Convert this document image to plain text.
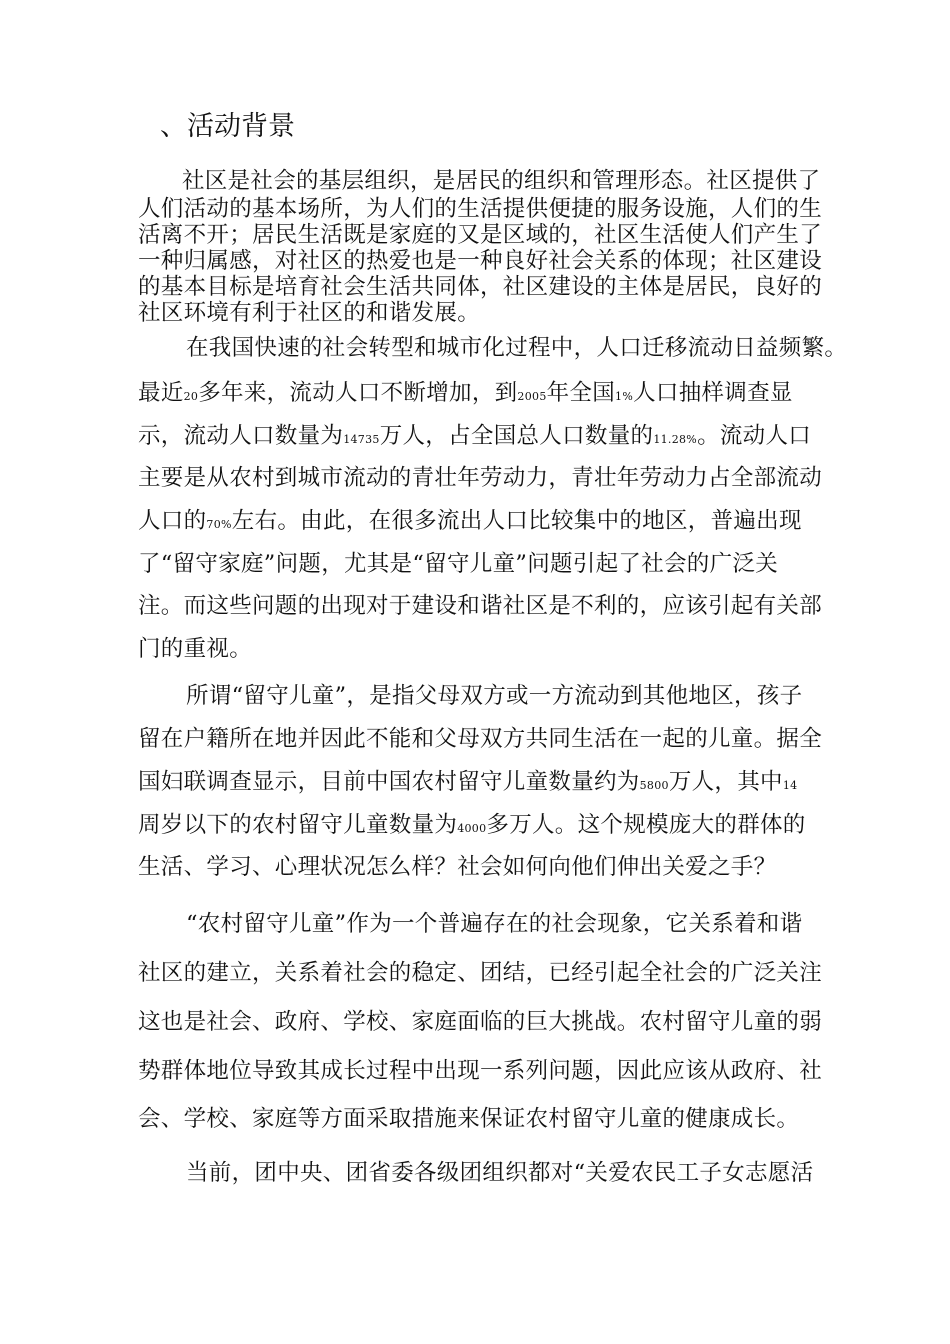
、活动背景
社区是社会的基层组织，是居民的组织和管理形态。社区提供了
人们活动的基本场所，为人们的生活提供便捷的服务设施，人们的生
活离不开；居民生活既是家庭的又是区域的，社区生活使人们产生了
一种归属感，对社区的热爱也是一种良好社会关系的体现；社区建设
的基本目标是培育社会生活共同体，社区建设的主体是居民，良好的
社区环境有利于社区的和谐发展。
在我国快速的社会转型和城市化过程中，人口迁移流动日益频繁。
最近20多年来，流动人口不断增加，到2005年全国1%人口抽样调查显
示，流动人口数量为14735万人，占全国总人口数量的11.28%。流动人口
主要是从农村到城市流动的青壮年劳动力，青壮年劳动力占全部流动
人口的70%左右。由此，在很多流出人口比较集中的地区，普遍出现
了“留守家庭”问题，尤其是“留守儿童”问题引起了社会的广泛关
注。而这些问题的出现对于建设和谐社区是不利的，应该引起有关部
门的重视。
所谓“留守儿童”，是指父母双方或一方流动到其他地区，孩子
留在户籍所在地并因此不能和父母双方共同生活在一起的儿童。据全
国妇联调查显示，目前中国农村留守儿童数量约为5800万人，其中14
周岁以下的农村留守儿童数量为4000多万人。这个规模庞大的群体的
生活、学习、心理状况怎么样？社会如何向他们伸出关爱之手？
“农村留守儿童”作为一个普遍存在的社会现象，它关系着和谐
社区的建立，关系着社会的稳定、团结，已经引起全社会的广泛关注
这也是社会、政府、学校、家庭面临的巨大挑战。农村留守儿童的弱
势群体地位导致其成长过程中出现一系列问题，因此应该从政府、社
会、学校、家庭等方面采取措施来保证农村留守儿童的健康成长。
当前，团中央、团省委各级团组织都对“关爱农民工子女志愿活
